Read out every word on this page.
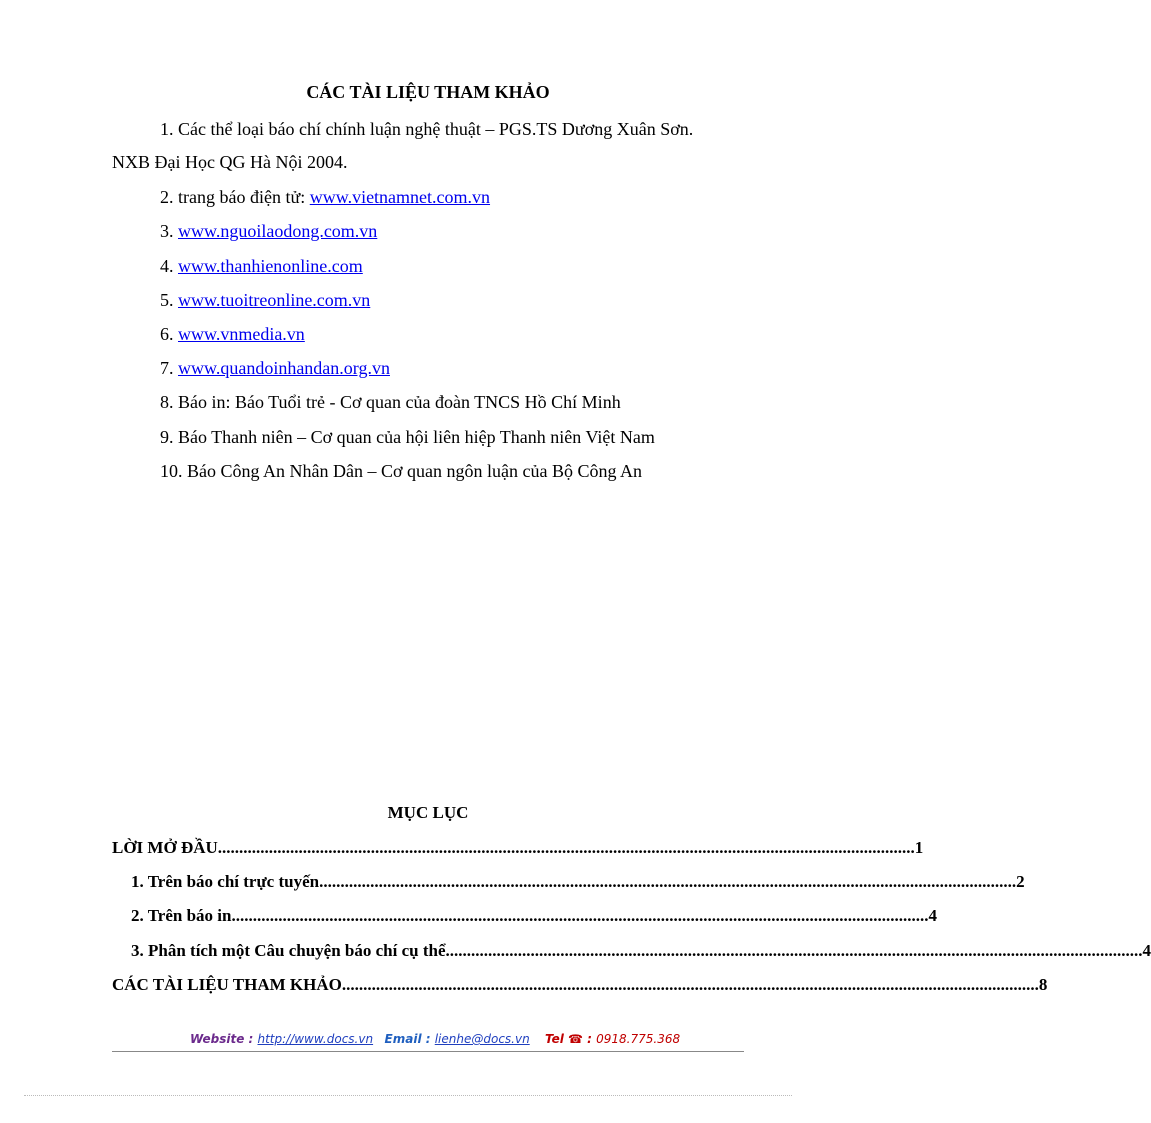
CÁC TÀI LIỆU THAM KHẢO
1. Các thể loại báo chí chính luận nghệ thuật – PGS.TS Dương Xuân Sơn.
NXB Đại Học QG Hà Nội 2004.
2. trang báo điện tử: www.vietnamnet.com.vn
3. www.nguoilaodong.com.vn
4. www.thanhienonline.com
5. www.tuoitreonline.com.vn
6. www.vnmedia.vn
7. www.quandoinhandan.org.vn
8. Báo in: Báo Tuổi trẻ - Cơ quan của đoàn TNCS Hồ Chí Minh
9. Báo Thanh niên – Cơ quan của hội liên hiệp Thanh niên Việt Nam
10. Báo Công An Nhân Dân – Cơ quan ngôn luận của Bộ Công An
MỤC LỤC
LỜI MỞ ĐẦU .................................................................................................................................................................... 1
1. Trên báo chí trực tuyến .................................................................................................................................................................... 2
2. Trên báo in .................................................................................................................................................................... 4
3. Phân tích một Câu chuyện báo chí cụ thể .................................................................................................................................................................... 4
CÁC TÀI LIỆU THAM KHẢO .................................................................................................................................................................... 8
Website : http://www.docs.vn Email : lienhe@docs.vn Tel ☎ : 0918.775.368
